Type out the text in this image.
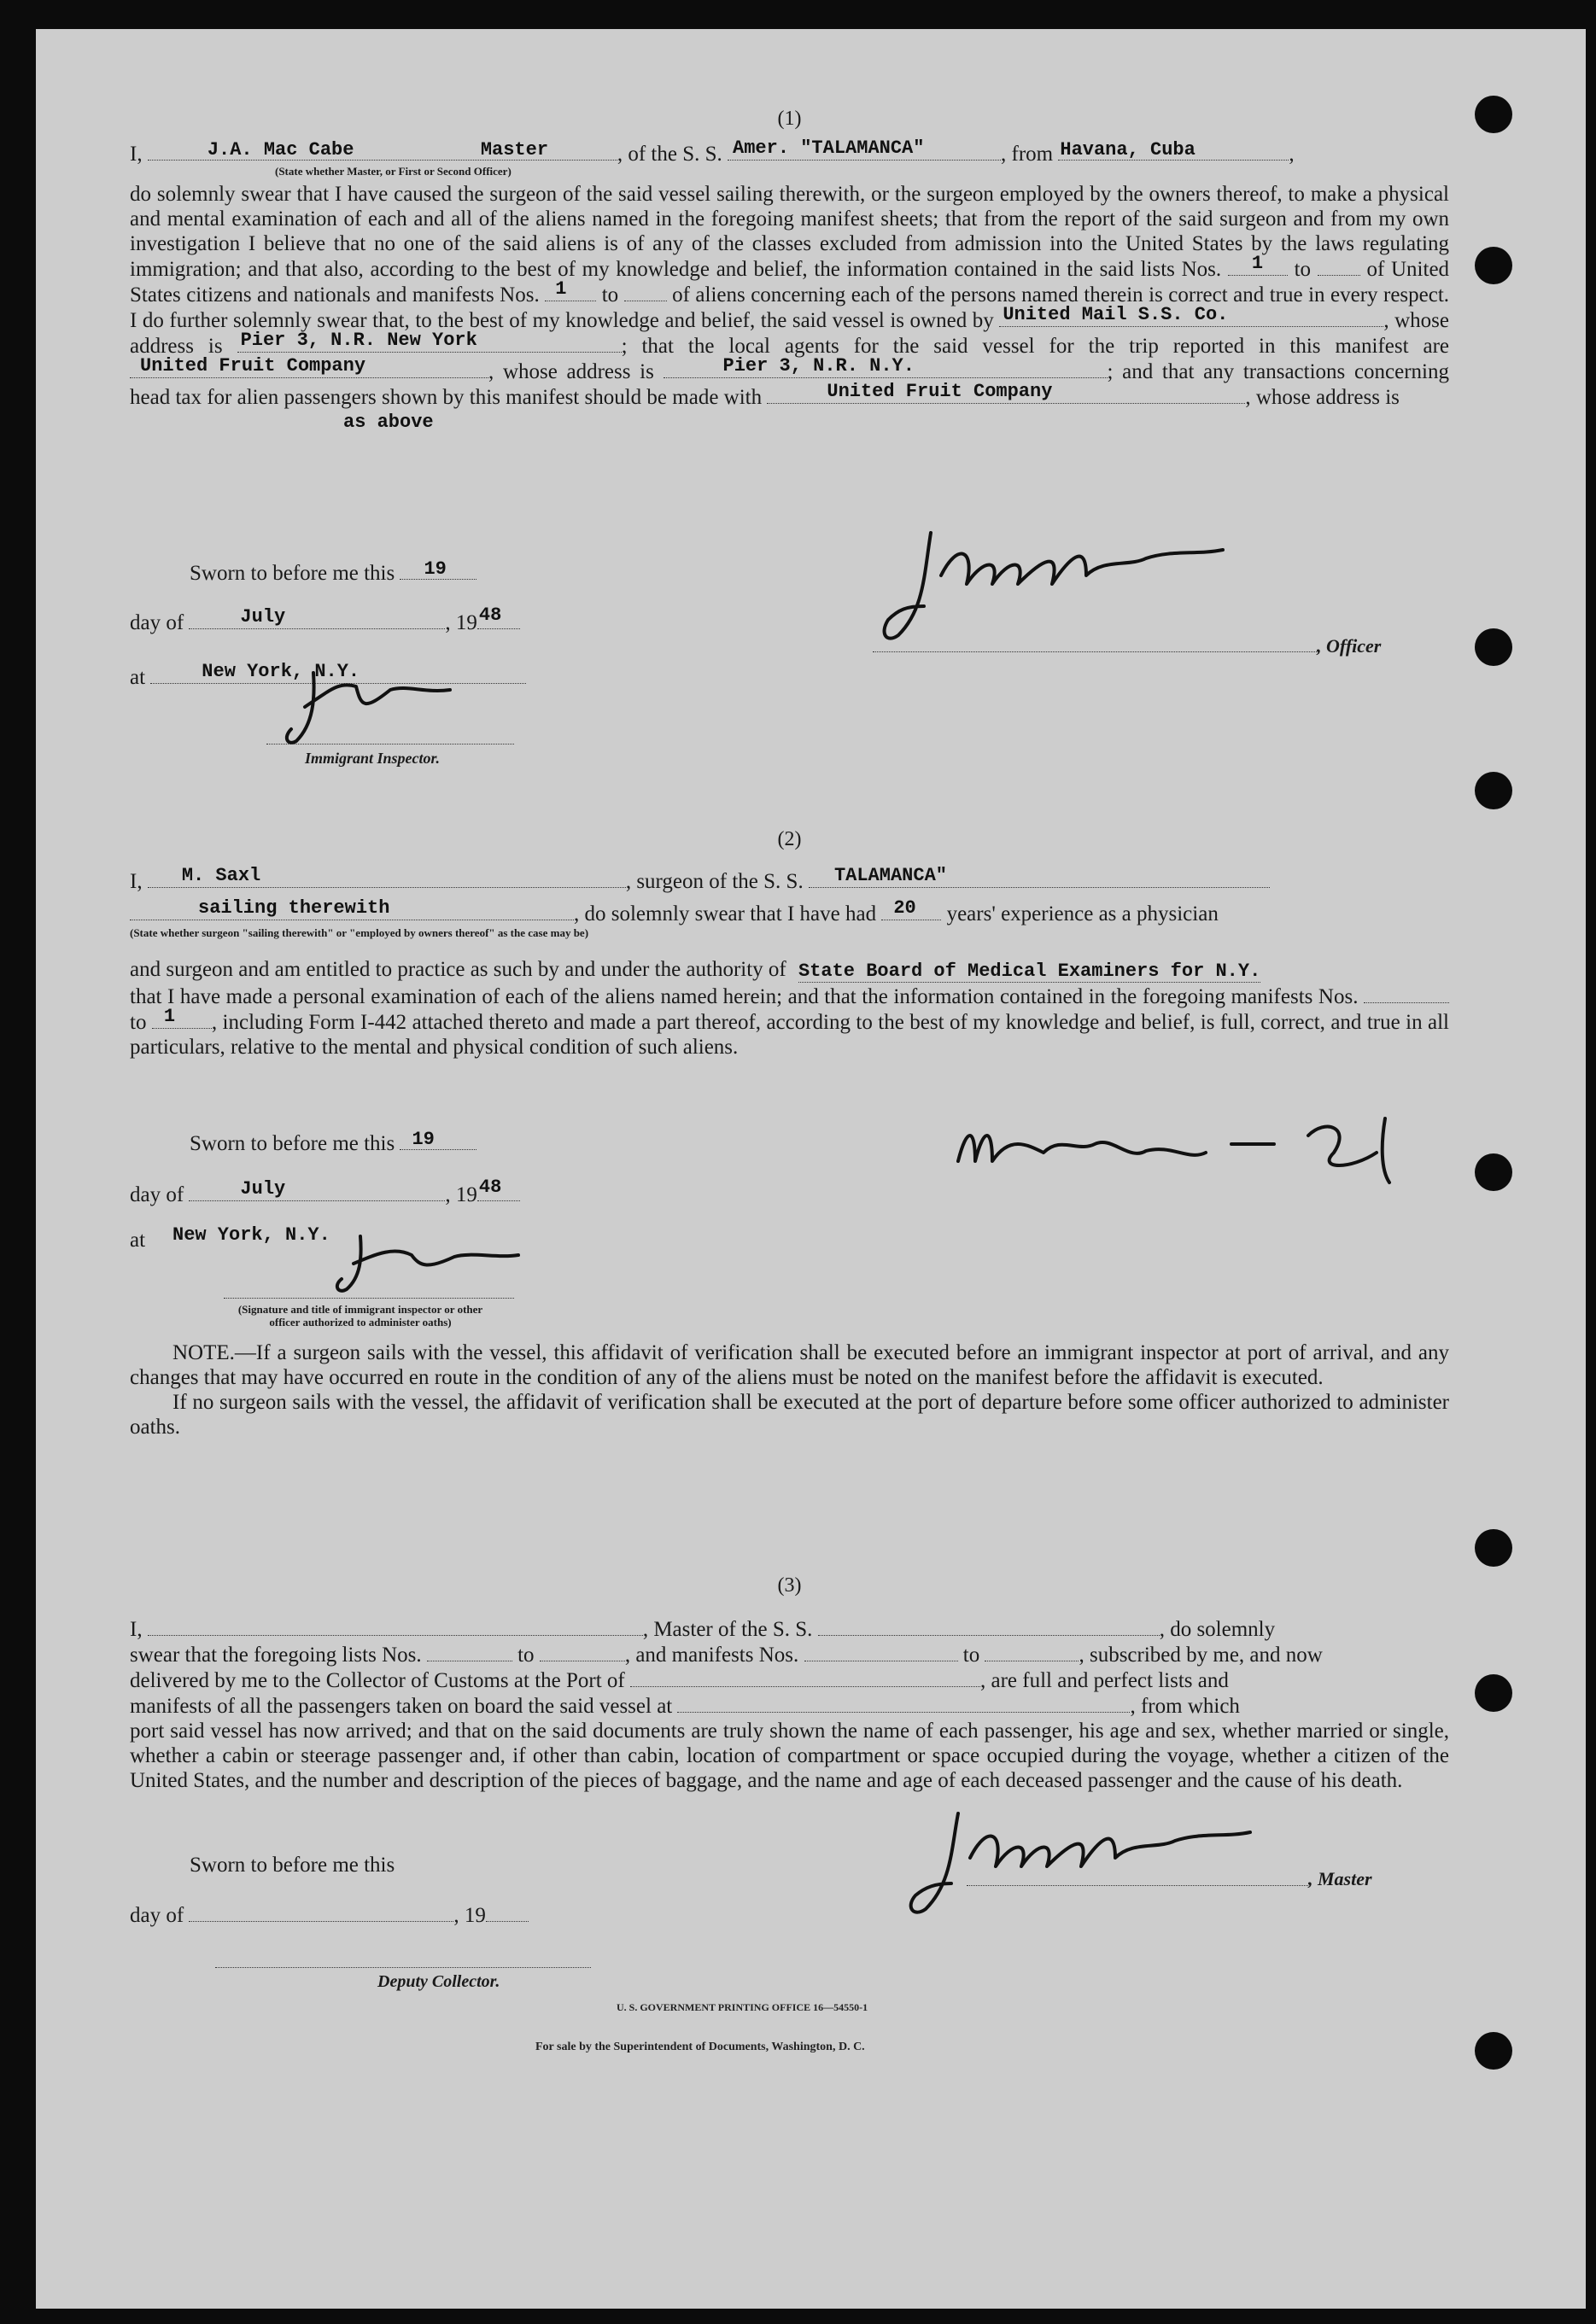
(1)
I,	J.A. Mac Cabe	Master	, of the S. S. Amer. "TALAMANCA"	, from Havana, Cuba	,
(State whether Master, or First or Second Officer)
do solemnly swear that I have caused the surgeon of the said vessel sailing therewith, or the surgeon employed by the owners thereof, to make a physical and mental examination of each and all of the aliens named in the foregoing manifest sheets; that from the report of the said surgeon and from my own investigation I believe that no one of the said aliens is of any of the classes excluded from admission into the United States by the laws regulating immigration; and that also, according to the best of my knowledge and belief, the information contained in the said lists Nos. 1 to	of United States citizens and nationals and manifests Nos. 1 to	of aliens concerning each of the persons named therein is correct and true in every respect. I do further solemnly swear that, to the best of my knowledge and belief, the said vessel is owned by United Mail S.S. Co.	, whose address is Pier 3, N.R. New York	; that the local agents for the said vessel for the trip reported in this manifest are
United Fruit Company	, whose address is	Pier 3, N.R. N.Y.	; and that any transactions concerning head tax for alien passengers shown by this manifest should be made with	United Fruit Company	, whose address is
as above
Sworn to before me this 19
day of	July	, 19 48
at	New York, N.Y.
Immigrant Inspector.
, Officer
(2)
I, M. Saxl	, surgeon of the S. S. TALAMANCA"
sailing therewith	, do solemnly swear that I have had 20 years' experience as a physician
(State whether surgeon "sailing therewith" or "employed by owners thereof" as the case may be)
and surgeon and am entitled to practice as such by and under the authority of State Board of Medical Examiners for N.Y.
that I have made a personal examination of each of the aliens named herein; and that the information contained in the foregoing manifests Nos.  to 1 , including Form I-442 attached thereto and made a part thereof, according to the best of my knowledge and belief, is full, correct, and true in all particulars, relative to the mental and physical condition of such aliens.
Sworn to before me this 19
day of	July	, 19 48
at New York, N.Y.
(Signature and title of immigrant inspector or other officer authorized to administer oaths)
NOTE.—If a surgeon sails with the vessel, this affidavit of verification shall be executed before an immigrant inspector at port of arrival, and any changes that may have occurred en route in the condition of any of the aliens must be noted on the manifest before the affidavit is executed.
If no surgeon sails with the vessel, the affidavit of verification shall be executed at the port of departure before some officer authorized to administer oaths.
(3)
I,	, Master of the S. S.	, do solemnly
swear that the foregoing lists Nos.	to	, and manifests Nos.	to	, subscribed by me, and now
delivered by me to the Collector of Customs at the Port of	, are full and perfect lists and
manifests of all the passengers taken on board the said vessel at	, from which
port said vessel has now arrived; and that on the said documents are truly shown the name of each passenger, his age and sex, whether married or single, whether a cabin or steerage passenger and, if other than cabin, location of compartment or space occupied during the voyage, whether a citizen of the United States, and the number and description of the pieces of baggage, and the name and age of each deceased passenger and the cause of his death.
Sworn to before me this
day of	, 19
Deputy Collector.
, Master
U. S. GOVERNMENT PRINTING OFFICE 16—54550-1
For sale by the Superintendent of Documents, Washington, D. C.
